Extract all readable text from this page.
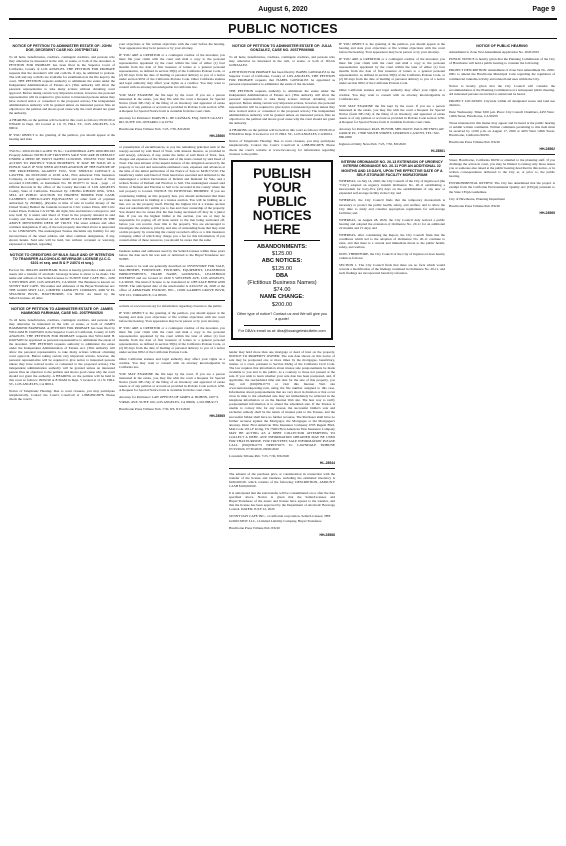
August 6, 2020	Page 9
PUBLIC NOTICES
NOTICE OF PETITION TO ADMINISTER ESTATE OF: JOHN DOE, DECEDENT CASE NO. 20STPB07181

To all heirs, beneficiaries, creditors, contingent creditors, and persons who may otherwise be interested in the will, or estate, or both of the decedent. A PETITION FOR PROBATE has been filed in the Superior Court of California, County of LOS ANGELES. THE PETITION FOR PROBATE requests that the decedent's will and codicils, if any, be admitted to probate. The will and any codicils are available for examination in the file kept by the court. THE PETITION requests authority to administer the estate under the Independent Administration of Estates Act. (This authority will allow the personal representative to take many actions without obtaining court approval. Before taking certain very important actions, however, the personal representative will be required to give notice to interested persons unless they have waived notice or consented to the proposed action.) The independent administration authority will be granted unless an interested person files an objection to the petition and shows good cause why the court should not grant the authority.

A HEARING on the petition will be held in this court as follows: 09/10/20 at 8:30AM in Dept. 2D located at 111 N. HILL ST., LOS ANGELES, CA 90012.

IF YOU OBJECT to the granting of the petition, you should appear at the hearing and state

TS# No.: 2001145162-CA-MSI TS No.: CA2000286441 APN: 4069-006-043 Property Address: NOTICE OF TRUSTEE'S SALE YOU ARE IN DEFAULT UNDER A DEED OF TRUST DATED 12/29/2005. UNLESS YOU TAKE ACTION TO PROTECT YOUR PROPERTY, IT MAY BE SOLD AT A PUBLIC SALE. IF YOU NEED AN EXPLANATION OF THE NATURE OF THE PROCEEDING AGAINST YOU, YOU SHOULD CONTACT A LAWYER. On 09/03/2020 at 10:00 A.M., First American Title Insurance Company, as duly appointed Trustee under and pursuant to Deed of Trust recorded 01/03/2006, as Instrument No. 06 0010771 in book , page , of Official Records in the office of the County Recorder of LOS ANGELES County, State of California. Executed by: CHONG KHOON ONG, WILL SELL AT PUBLIC AUCTION TO HIGHEST BIDDER FOR CASH, CASHIER'S CHECK/CASH EQUIVALENT or other form of payment authorized by 2924h(b), (Payable at time of sale in lawful money of the United States) Behind the fountain located in Civic Center Plaza, 400 Civic Center Plaza, Pomona CA 91766. All right, title and interest conveyed to and now held by it under said Deed of Trust in the property situated in said County and State described as: AS MORE FULLY DESCRIBED IN THE ABOVE MENTIONED DEED OF TRUST. The street address and other common designation, if any, of the real property described above is purported to be: UNKNOWN. The undersigned Trustee disclaims any liability for any incorrectness of the street address and other common designation, if any, shown herein. Said sale will be held, but without covenant or warranty, expressed or implied, regarding

NOTICE TO CREDITORS OF BULK SALE AND OF INTENTION TO TRANSFER ALCOHOLIC BEVERAGE LICENSE (U.C.C. 6101 et seq. and B & P 24074 et seq.)

Escrow No. 0064-IW ARMCHAIR. Notice is hereby given that a bulk sale of assets and a transfer of alcoholic beverage license is about to be made. The name and address of the Seller/Licensee is: SUNNY DAY CAFE INC., 2430 S WESTERN AVE, LOS ANGELES, CA 90018. The Business is known as: SUNNY DAY CAFE. The names and addresses of the Buyer/Transferee are: THE GOOD SPOT LLC, LIMITED LIABILITY COMPANY, 4469 W EL SEGUNDO BLVD., HAWTHORNE, CA 90250. As listed by the Seller/Licensee, all other

NOTICE OF PETITION TO ADMINISTER ESTATE OF: JAMES HAMMOND FARNHAM, CASE NO. 20STPB06520

To all heirs, beneficiaries, creditors, contingent creditors, and persons who may otherwise be interested in the will, or estate, or both of JAMES HAMMOND FARNHAM. A PETITION FOR PROBATE has been filed by WILLIAM H. DAWSON in the Superior Court of California, County of LOS ANGELES. THE PETITION FOR PROBATE requests that WILLIAM H. DAWSON be appointed as personal representative to administer the estate of the decedent. THE PETITION requests authority to administer the estate under the Independent Administration of Estates Act. (This authority will allow the personal representative to take many actions without obtaining court approval. Before taking certain very important actions, however, the personal representative will be required to give notice to interested persons unless they have waived notice or consented to the proposed action.) The independent administration authority will be granted unless an interested person files an objection to the petition and shows good cause why the court should not grant the authority. A HEARING on the petition will be held in this court as follows: 09/02/20 at 8:30AM in Dept. 5 located at 111 N. HILL ST., LOS ANGELES, CA 90012.

Notice of Telephonic Hearing: Due to court closures, you may participate telephonically. Contact the Court's CourtCall at 1-888-882-6878. Please check the court's

your objections or file written objections with the court before the hearing. Your appearance may be in person or by your attorney.

IF YOU ARE A CREDITOR or a contingent creditor of the decedent, you must file your claim with the court and mail a copy to the personal representative appointed by the court within the later of either (1) four months from the date of first issuance of letters to a general personal representative, as defined in section 58(b) of the California Probate Code, or (2) 60 days from the date of mailing or personal delivery to you of a notice under section 9052 of the California Probate Code. Other California statutes and legal authority may affect your rights as a creditor. You may want to consult with an attorney knowledgeable in California law.

YOU MAY EXAMINE the file kept by the court. If you are a person interested in the estate, you may file with the court a Request for Special Notice (form DE-154) of the filing of an inventory and appraisal of estate assets or of any petition or account as provided in Probate Code section 1250. A Request for Special Notice form is available from the court clerk.

Attorney for Petitioner: MARVIN L. DE GUZMAN, ESQ. 3200 E GUASTI RD, SUITE 100, ONTARIO, CA 91761

Hawthorne Press Tribune: Pub. 7/23, 7/30, 8/6/2020

HH-28560

or presumption of encumbrances, to pay the remaining principal sum of the note(s) secured by said Deed of Trust, with interest thereon, as provided in said note(s), advances, if any, under the terms of said Deed of Trust, fees, charges and expenses of the Trustee and of the trusts created by said Deed of Trust. The total amount of the unpaid balance of the obligation secured by the property to be sold and reasonable estimated costs, expenses and advances at the time of the initial publication of the Notice of Sale is: $438,772.50. The beneficiary under said Deed of Trust heretofore executed and delivered to the undersigned a written Declaration of Default and Demand for Sale, and a written Notice of Default and Election to Sell. The undersigned caused said Notice of Default and Election to Sell to be recorded in the county where the real property is located. NOTICE TO POTENTIAL BIDDERS: If you are considering bidding on this property lien, you should understand that there are risks involved in bidding at a trustee auction. You will be bidding on a lien, not on the property itself. Placing the highest bid at a trustee auction does not automatically entitle you to free and clear ownership of the property. You should also be aware that the lien being auctioned off may be a junior lien. If you are the highest bidder at the auction, you are or may be responsible for paying off all liens senior to the lien being auctioned off, before you can receive clear title to the property. You are encouraged to investigate the existence, priority, and size of outstanding liens that may exist on this property by contacting the county recorder's office or a title insurance company, either of which may charge you a fee for this information. If you consult either of these resources, you should be aware that the same

business names and addresses used by the Seller/Licensee within three years before the date such list was sent or delivered to the Buyer/Transferee are: NONE.

The assets to be sold are generally described as: INVENTORY FOR SALE, MACHINERY, FURNITURE, FIXTURES, EQUIPMENT, LEASEHOLD IMPROVEMENTS, TRADE NAME, GOODWILL, LEASEHOLD INTEREST and are located at: 2430 S WESTERN AVE, LOS ANGELES, CA 90018. The kind of license to be transferred is: OFF-SALE BEER AND WINE. The anticipated date of the sale/transfer is AUGUST 24, 2020 at the office of ARMCHAIR ESCROW, INC., 12900 GARDEN GROVE BLVD, STE 101, TORRANCE, CA 90505.

website at www.lacourt.org for information regarding closures to the public.

IF YOU OBJECT to the granting of the petition, you should appear at the hearing and state your objections or file written objections with the court before the hearing. Your appearance may be in person or by your attorney.

IF YOU ARE A CREDITOR or a contingent creditor of the decedent, you must file your claim with the court and mail a copy to the personal representative appointed by the court within the later of either (1) four months from the date of first issuance of letters to a general personal representative, as defined in section 58(b) of the California Probate Code, or (2) 60 days from the date of mailing or personal delivery to you of a notice under section 9052 of the California Probate Code.

Other California statutes and legal authority may affect your rights as a creditor. You may want to consult with an attorney knowledgeable in California law.

YOU MAY EXAMINE the file kept by the court. If you are a person interested in the estate, you may file with the court a Request for Special Notice (form DE-154) of the filing of an inventory and appraisal of estate assets or of any petition or account as provided in Probate Code section 1250. A Request for Special Notice form is available from the court clerk.

Attorney for Petitioner: LAW OFFICES OF JAMES A. BOHNN, 1007 S. VIRGIL AVE, SUITE 100, LOS ANGELES, CA 90006, 1-310-888-9171

Hawthorne Press Tribune: Pub. 7/30, 8/6, 8/13/2020

HH-28565

NOTICE OF PETITION TO ADMINISTER ESTATE OF: JULIA GONZALEZ, CASE NO. 20STPB06988

To all heirs, beneficiaries, creditors, contingent creditors, and persons who may otherwise be interested in the will, or estate, or both of JULIA GONZALEZ.

A PETITION FOR PROBATE has been filed by ISABEL GONZALEZ in the Superior Court of California, County of LOS ANGELES. THE PETITION FOR PROBATE requests that ISABEL GONZALEZ be appointed as personal representative to administer the estate of the decedent.

THE PETITION requests authority to administer the estate under the Independent Administration of Estates Act. (This authority will allow the personal representative to take many actions without obtaining court approval. Before taking certain very important actions, however, the personal representative will be required to give notice to interested persons unless they have waived notice or consented to the proposed action.) The independent administration authority will be granted unless an interested person files an objection to the petition and shows good cause why the court should not grant the authority.

A HEARING on the petition will be held in this court as follows: 09/03/20 at 8:30AM in Dept. 9 located at 111 N. HILL ST., LOS ANGELES, CA 90012.

Notice of Telephonic Hearing: Due to court closures, you may participate telephonically. Contact the Court's CourtCall at 1-888-882-6878. Please check the court's website at www.lacourt.org for information regarding closures to the public.

PUBLISH
YOUR
PUBLIC
NOTICES
HERE
ABANDONMENTS:
$125.00
ABC NOTICES:
$125.00
DBA
(Fictitious Business Names)
$74.00
NAME CHANGE:
$200.00
Other type of notice? Contact us and We will give you a quote!
For DBA's email us at: dba@losangelesbulletin.com

lender may hold more than one mortgage or deed of trust on the property. NOTICE TO PROPERTY OWNER: The sale date shown on this notice of sale may be postponed one or more times by the mortgagee, beneficiary, trustee, or a court, pursuant to Section 2924g of the California Civil Code. The law requires that information about trustee sale postponements be made available to you and to the public, as a courtesy to those not present at the sale. If you wish to learn whether your sale date has been postponed, and, if applicable, the rescheduled time and date for the sale of this property, you may call (916)939-0772 or visit this Internet Web site www.nationwideposting.com, using the file number assigned to this case. Information about postponements that are very short in duration or that occur close in time to the scheduled sale may not immediately be reflected in the telephone information or on the Internet Web site. The best way to verify postponement information is to attend the scheduled sale. If the Trustee is unable to convey title for any reason, the successful bidder's sole and exclusive remedy shall be the return of monies paid to the Trustee, and the successful bidder shall have no further recourse. The Purchaser shall have no further recourse against the Mortgagor, the Mortgagee or the Mortgagee's attorney. Date: First American Title Insurance Company 4795 Regent Blvd, Mail Code 1011-F Irving, TX 75063 First American Title Insurance Company MAY BE ACTING AS A DEBT COLLECTOR ATTEMPTING TO COLLECT A DEBT. ANY INFORMATION OBTAINED MAY BE USED FOR THAT PURPOSE. FOR TRUSTEES SALE INFORMATION PLEASE CALL (916)939-0772 NPP0370273 To: LAWNDALE TRIBUNE 07/23/2020, 07/30/2020, 08/06/2020

Lawndale Tribune Pub. 7/23, 7/30, 8/6/2020

HL-28544

The amount of the purchase price or consideration in connection with the transfer of the license and business, including the estimated inventory is $160,000.00, which consists of the following: DESCRIPTION, AMOUNT: CASH $160,000.00.

It is anticipated that the sale/transfer will be consummated on or after the date specified above. Notice is given that the Seller/Licensee and Buyer/Transferee of the assets and license have agreed to the transfer, and that the license has been approved by the Department of Alcoholic Beverage Control. DATED: JULY 22, 2020

SUNNY DAY CAFE INC., a California corporation, Seller/Licensee; THE GOOD SPOT LLC, a Limited Liability Company, Buyer/Transferee

Hawthorne Press Tribune Pub. 8/6/20

HH-28568

IF YOU OBJECT to the granting of the petition, you should appear at the hearing and state your objections or file written objections with the court before the hearing. Your appearance may be in person or by your attorney.

IF YOU ARE A CREDITOR or a contingent creditor of the decedent, you must file your claim with the court and mail a copy to the personal representative appointed by the court within the later of either (1) four months from the date of first issuance of letters to a general personal representative, as defined in section 58(b) of the California Probate Code, or (2) 60 days from the date of mailing or personal delivery to you of a notice under section 9052 of the California Probate Code.

Other California statutes and legal authority may affect your rights as a creditor. You may want to consult with an attorney knowledgeable in California law.

YOU MAY EXAMINE the file kept by the court. If you are a person interested in the estate, you may file with the court a Request for Special Notice (form DE-154) of the filing of an inventory and appraisal of estate assets or of any petition or account as provided in Probate Code section 1250. A Request for Special Notice form is available from the court clerk.

Attorney for Petitioner: PAUL HUYNH, SBN 262237, PAUL HUYNH LAW GROUP, PC, 17800 SOUTH STREET, CERRITOS CA 90703, TEL: 562-860-0000

Inglewood Daily News Pub. 7/23, 7/30, 8/6/2020

HI-28561

INTERIM ORDINANCE NO. 20-13 EXTENSION OF URGENCY INTERIM ORDINANCE NO. 20-11 FOR AN ADDITIONAL 22 MONTHS AND 15 DAYS, UPON THE EFFECTIVE DATE OF A SELF-STORAGE FACILITY MORATORIUM

WHEREAS, on July 14, 2020, the City Council of the City of Inglewood (the "City") adopted an urgency interim Ordinance No. 20-11 establishing a moratorium for forty-five (45) days on the establishment of any new or expanded self-storage facility in the City; and

WHEREAS, the City Council finds that the temporary moratorium is necessary to protect the public health, safety, and welfare, and to allow the City time to study and consider appropriate regulations for self-storage facilities; and

WHEREAS, on August 28, 2020, the City Council duly noticed a public hearing and adopted the extension of Ordinance No. 20-11 for an additional 22 months and 15 days; and

WHEREAS, after considering the Report, the City Council finds that the conditions which led to the adoption of Ordinance No. 20-11 continue to exist, and that there is a current and immediate threat to the public health, safety, and welfare.

NOW, THEREFORE, the City Council of the City of Inglewood does hereby ordain as follows:

SECTION 1. The City Council finds that there are no facts which would warrant a modification of the findings contained in Ordinance No. 20-11, and such findings are incorporated herein by reference.

NOTICE OF PUBLIC HEARING

Amendment to Zone Text Amendment Application No. 2020-0001

PUBLIC NOTICE is hereby given that the Planning Commission of the City of Hawthorne will hold a public hearing to consider the following:

PROJECT DESCRIPTION: Amendment of Zone Text Amendment No. 2020-0001 to amend the Hawthorne Municipal Code regarding the regulation of commercial cannabis activity and related land uses within the City.

Notice is hereby given that the City Council will consider the recommendation of the Planning Commission at a subsequent public meeting. All interested persons are invited to attend and be heard.

PROJECT LOCATION: Citywide within all designated zones and land use districts.

Date: Wednesday. Time: 6:00 p.m. Place: City Council Chambers, 4455 West 126th Street, Hawthorne, CA 90250

Those interested in this matter may appear and be heard at the public hearing or submit written comments. Written comments pertaining to this item must be received by 12:00 p.m. on August 17, 2020 at 4455 West 126th Street, Hawthorne, California 90250.

Hawthorne Press Tribune Pub. 8/6/20

HH-28562

Street, Hawthorne, California 90250 or emailed to the planning staff. If you challenge the action in court, you may be limited to raising only those issues you or someone else raised at the public hearing described in this notice, or in written correspondence delivered to the City at, or prior to, the public hearing.

ENVIRONMENTAL REVIEW: The City has determined that the project is exempt from the California Environmental Quality Act (CEQA) pursuant to the State CEQA Guidelines.

City of Hawthorne, Planning Department

Hawthorne Press Tribune Pub. 8/6/20

HH-28569
